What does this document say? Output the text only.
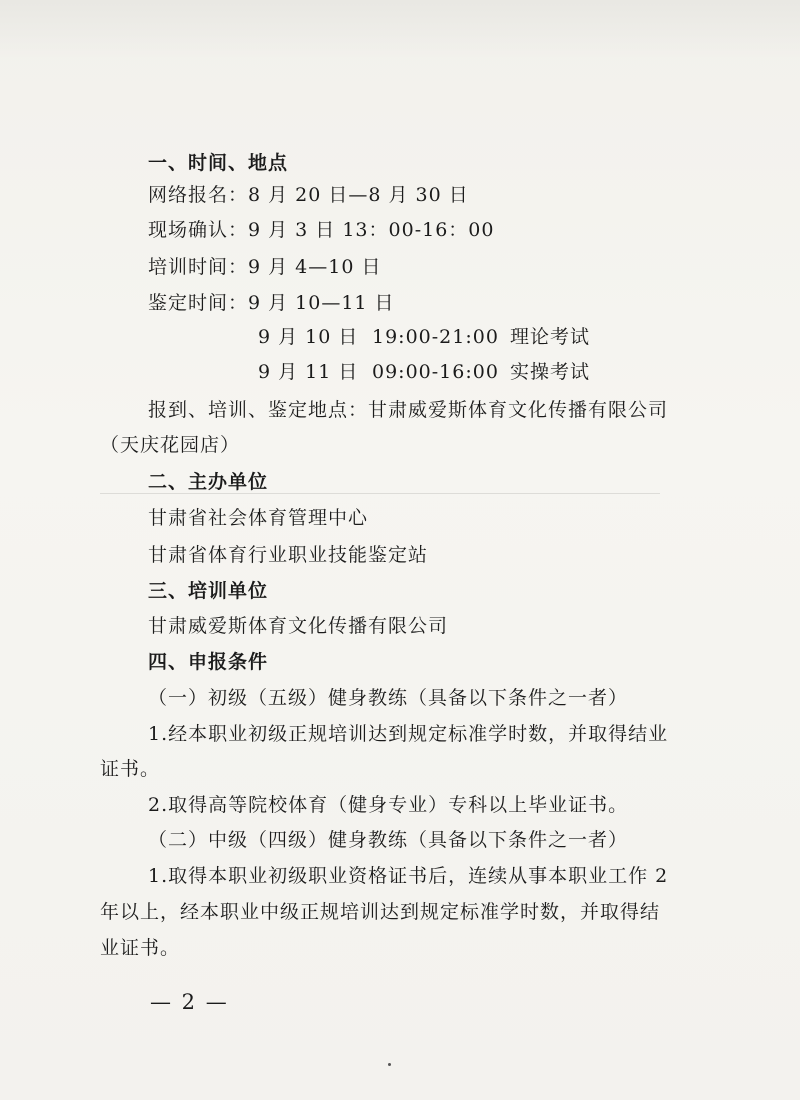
一、时间、地点
网络报名：8 月 20 日—8 月 30 日
现场确认：9 月 3 日 13：00-16：00
培训时间：9 月 4—10 日
鉴定时间：9 月 10—11 日
9 月 10 日 19:00-21:00 理论考试
9 月 11 日 09:00-16:00 实操考试
报到、培训、鉴定地点：甘肃威爱斯体育文化传播有限公司
（天庆花园店）
二、主办单位
甘肃省社会体育管理中心
甘肃省体育行业职业技能鉴定站
三、培训单位
甘肃威爱斯体育文化传播有限公司
四、申报条件
（一）初级（五级）健身教练（具备以下条件之一者）
1.经本职业初级正规培训达到规定标准学时数，并取得结业
证书。
2.取得高等院校体育（健身专业）专科以上毕业证书。
（二）中级（四级）健身教练（具备以下条件之一者）
1.取得本职业初级职业资格证书后，连续从事本职业工作 2
年以上，经本职业中级正规培训达到规定标准学时数，并取得结
业证书。
— 2 —
